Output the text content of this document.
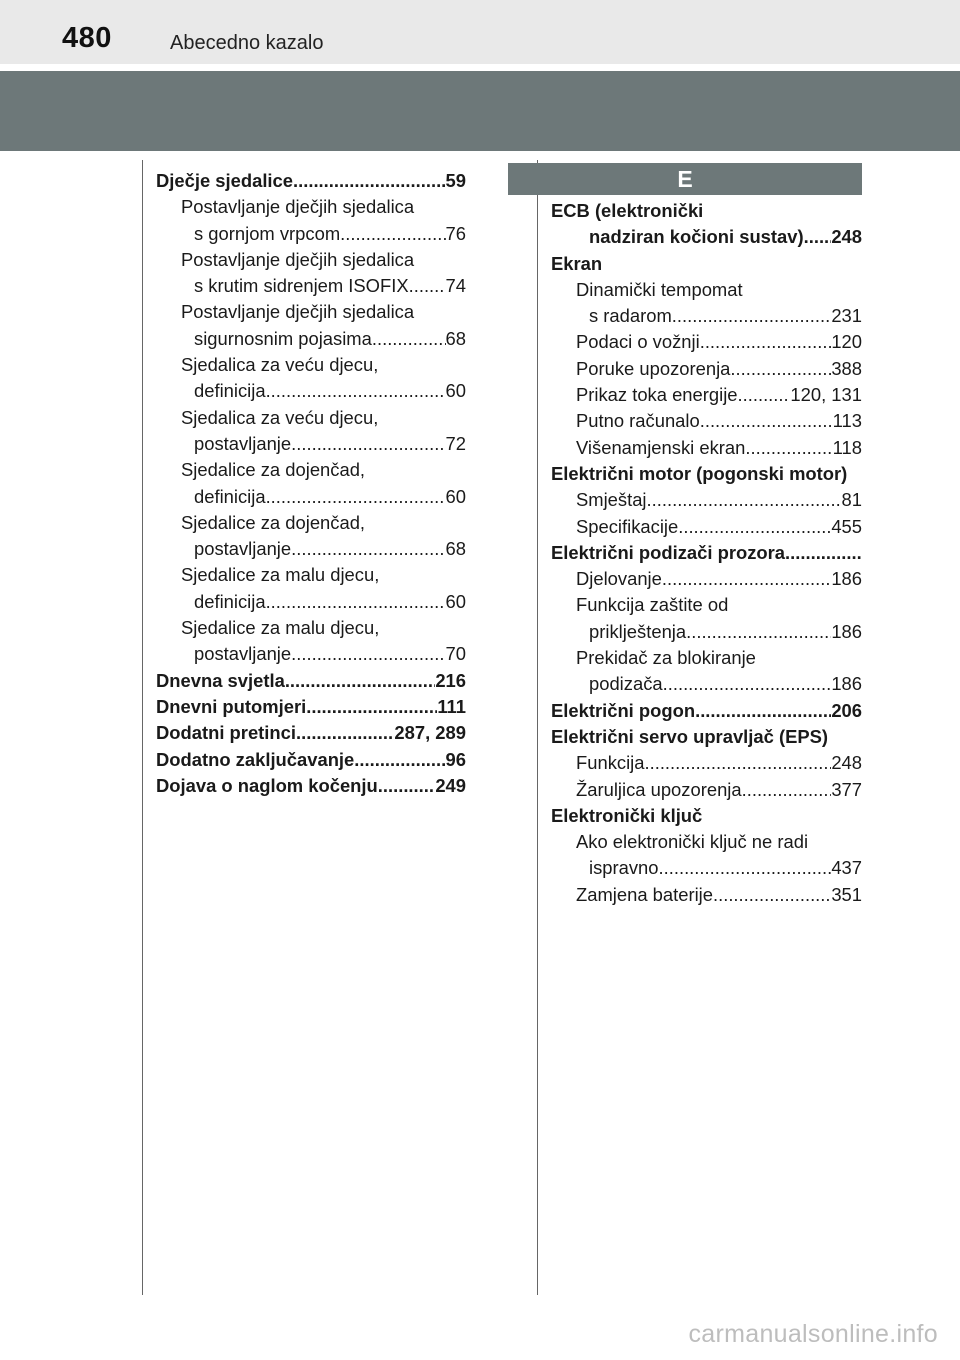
480	Abecedno kazalo
E
Dječje sjedalice .....	59
Postavljanje dječjih sjedalica
s gornjom vrpcom .....	76
Postavljanje dječjih sjedalica
s krutim sidrenjem ISOFIX ..... 74
Postavljanje dječjih sjedalica
sigurnosnim pojasima .....	68
Sjedalica za veću djecu,
definicija .....	60
Sjedalica za veću djecu,
postavljanje .....	72
Sjedalice za dojenčad,
definicija .....	60
Sjedalice za dojenčad,
postavljanje .....	68
Sjedalice za malu djecu,
definicija .....	60
Sjedalice za malu djecu,
postavljanje .....	70
Dnevna svjetla .....	216
Dnevni putomjeri .....	111
Dodatni pretinci .....	287, 289
Dodatno zaključavanje .....	96
Dojava o naglom kočenju .....	249
ECB (elektronički
nadziran kočioni sustav) ..... 248
Ekran
Dinamički tempomat
s radarom .....	231
Podaci o vožnji .....	120
Poruke upozorenja .....	388
Prikaz toka energije .....	120, 131
Putno računalo .....	113
Višenamjenski ekran .....	118
Električni motor (pogonski motor)
Smještaj .....	81
Specifikacije .....	455
Električni podizači prozora
.....
Djelovanje .....	186
Funkcija zaštite od
priklještenja .....	186
Prekidač za blokiranje
podizača .....	186
Električni pogon .....	206
Električni servo upravljač (EPS)
Funkcija .....	248
Žaruljica upozorenja .....	377
Elektronički ključ
Ako elektronički ključ ne radi
ispravno .....	437
Zamjena baterije .....	351
carmanualsonline.info
